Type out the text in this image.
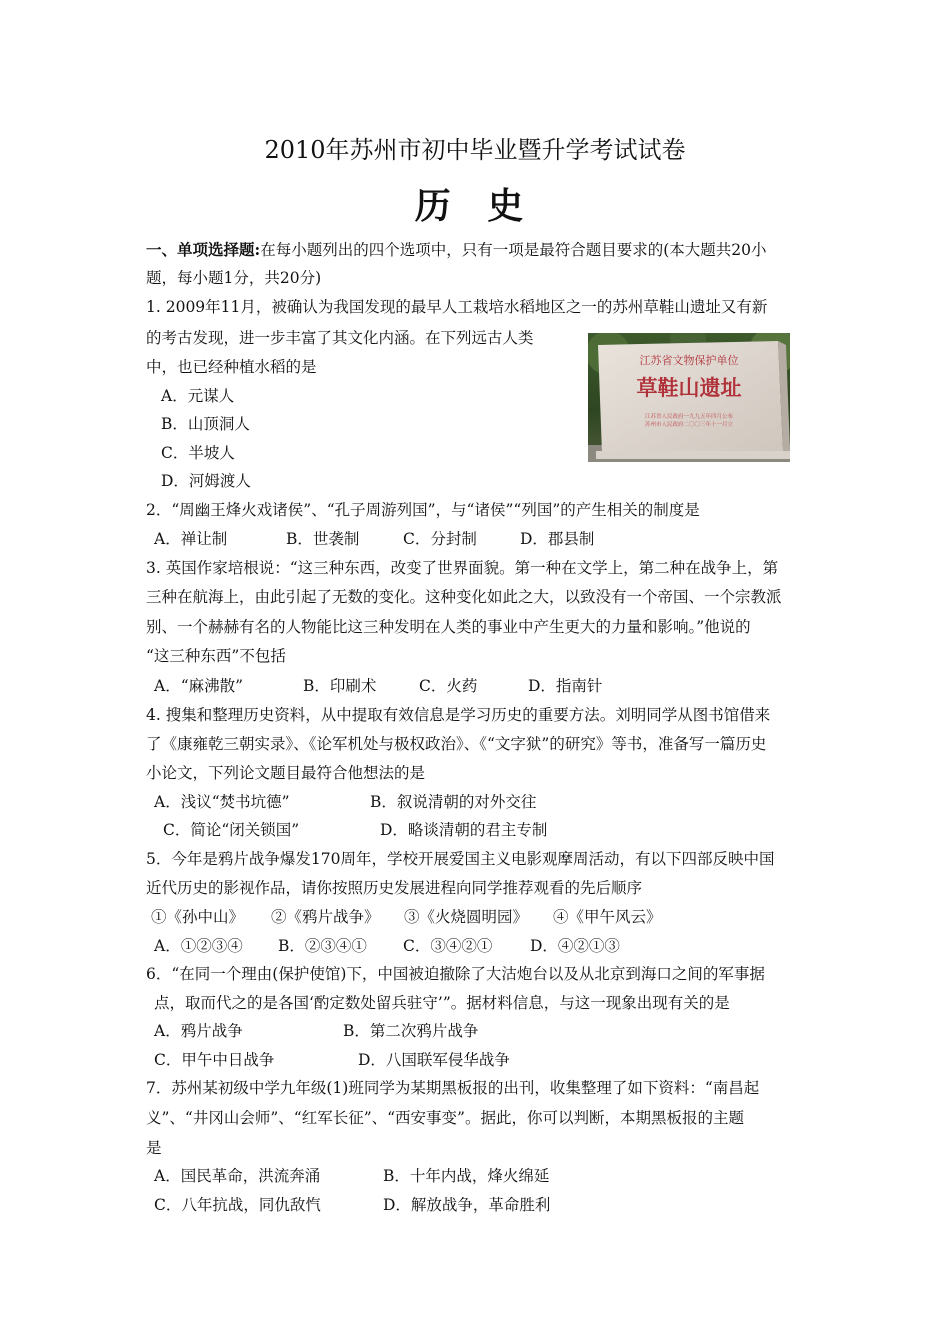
2010年苏州市初中毕业暨升学考试试卷
历 史
一、单项选择题:在每小题列出的四个选项中，只有一项是最符合题目要求的(本大题共20小
题，每小题1分，共20分)
1. 2009年11月，被确认为我国发现的最早人工栽培水稻地区之一的苏州草鞋山遗址又有新
的考古发现，进一步丰富了其文化内涵。在下列远古人类
中，也已经种植水稻的是
A．元谋人
B．山顶洞人
C．半坡人
D．河姆渡人
江苏省文物保护单位
草鞋山遗址
江苏省人民政府一九九五年四月公布
苏州市人民政府二〇〇三年十一月立
2．“周幽王烽火戏诸侯”、“孔子周游列国”，与“诸侯”“列国”的产生相关的制度是
A．禅让制	B．世袭制	C．分封制	D．郡县制
3. 英国作家培根说：“这三种东西，改变了世界面貌。第一种在文学上，第二种在战争上，第
三种在航海上，由此引起了无数的变化。这种变化如此之大，以致没有一个帝国、一个宗教派
别、一个赫赫有名的人物能比这三种发明在人类的事业中产生更大的力量和影响。”他说的
“这三种东西”不包括
A．“麻沸散”	B．印刷术	C．火药	D．指南针
4. 搜集和整理历史资料，从中提取有效信息是学习历史的重要方法。刘明同学从图书馆借来
了《康雍乾三朝实录》、《论军机处与极权政治》、《“文字狱”的研究》等书，准备写一篇历史
小论文，下列论文题目最符合他想法的是
A．浅议“焚书坑德”	B．叙说清朝的对外交往
C．简论“闭关锁国”	D．略谈清朝的君主专制
5．今年是鸦片战争爆发170周年，学校开展爱国主义电影观摩周活动，有以下四部反映中国
近代历史的影视作品，请你按照历史发展进程向同学推荐观看的先后顺序
①《孙中山》 ②《鸦片战争》 ③《火烧圆明园》 ④《甲午风云》
A．①②③④ B．②③④① C．③④②① D．④②①③
6．“在同一个理由(保护使馆)下，中国被迫撤除了大沽炮台以及从北京到海口之间的军事据
点，取而代之的是各国‘酌定数处留兵驻守’”。据材料信息，与这一现象出现有关的是
A．鸦片战争	B．第二次鸦片战争
C．甲午中日战争	D．八国联军侵华战争
7．苏州某初级中学九年级(1)班同学为某期黑板报的出刊，收集整理了如下资料：“南昌起
义”、“井冈山会师”、“红军长征”、“西安事变”。据此，你可以判断，本期黑板报的主题
是
A．国民革命，洪流奔涌	B．十年内战，烽火绵延
C．八年抗战，同仇敌忾	D．解放战争，革命胜利
